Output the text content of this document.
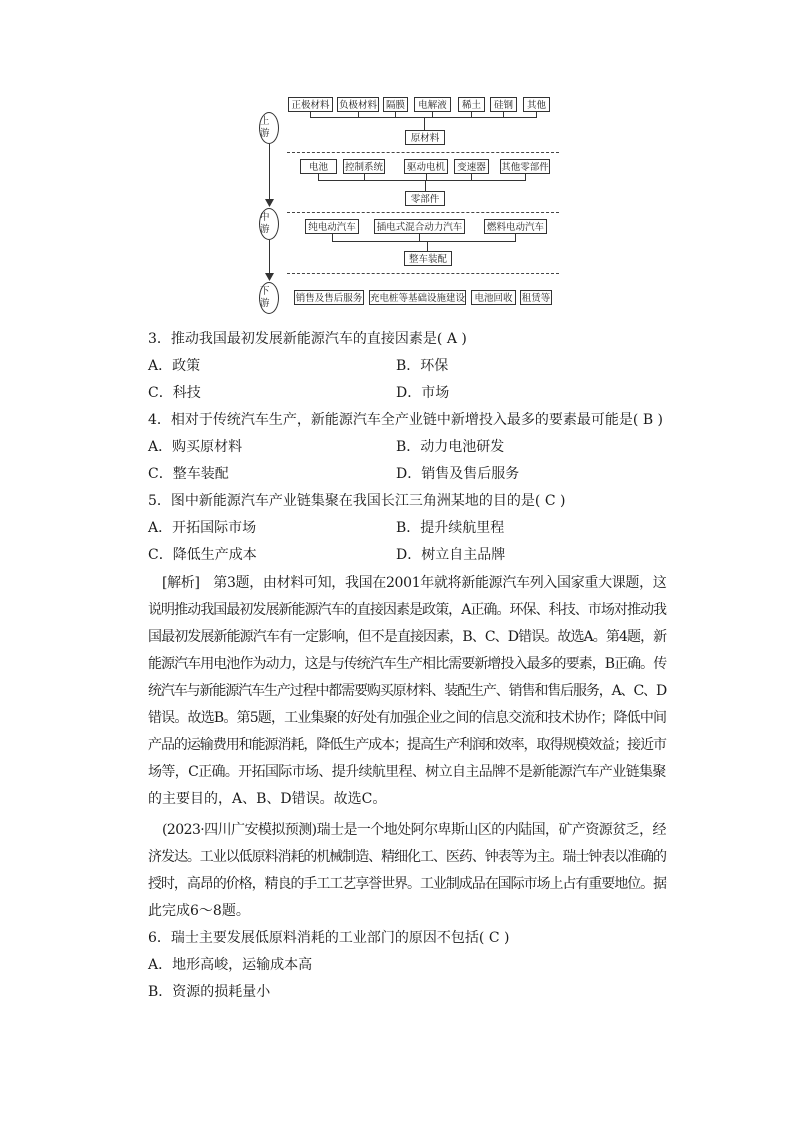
上游
中游
下游
正极材料 负极材料 隔膜	电解液	稀土	硅钢	其他
原材料
电池	控制系统	驱动电机	变速器	其他零部件
零部件
纯电动汽车	插电式混合动力汽车	燃料电动汽车
整车装配
销售及售后服务 充电桩等基础设施建设 电池回收 租赁等
3．推动我国最初发展新能源汽车的直接因素是( A )
A．政策	B．环保
C．科技	D．市场
4．相对于传统汽车生产，新能源汽车全产业链中新增投入最多的要素最可能是( B )
A．购买原材料	B．动力电池研发
C．整车装配	D．销售及售后服务
5．图中新能源汽车产业链集聚在我国长江三角洲某地的目的是( C )
A．开拓国际市场	B．提升续航里程
C．降低生产成本	D．树立自主品牌
[解析]　第3题，由材料可知，我国在2001年就将新能源汽车列入国家重大课题，这
说明推动我国最初发展新能源汽车的直接因素是政策，A正确。环保、科技、市场对推动我
国最初发展新能源汽车有一定影响，但不是直接因素，B、C、D错误。故选A。第4题，新
能源汽车用电池作为动力，这是与传统汽车生产相比需要新增投入最多的要素，B正确。传
统汽车与新能源汽车生产过程中都需要购买原材料、装配生产、销售和售后服务，A、C、D
错误。故选B。第5题，工业集聚的好处有加强企业之间的信息交流和技术协作；降低中间
产品的运输费用和能源消耗，降低生产成本；提高生产利润和效率，取得规模效益；接近市
场等，C正确。开拓国际市场、提升续航里程、树立自主品牌不是新能源汽车产业链集聚
的主要目的，A、B、D错误。故选C。
(2023·四川广安模拟预测)瑞士是一个地处阿尔卑斯山区的内陆国，矿产资源贫乏，经
济发达。工业以低原料消耗的机械制造、精细化工、医药、钟表等为主。瑞士钟表以准确的
授时，高昂的价格，精良的手工工艺享誉世界。工业制成品在国际市场上占有重要地位。据
此完成6～8题。
6．瑞士主要发展低原料消耗的工业部门的原因不包括( C )
A．地形高峻，运输成本高
B．资源的损耗量小
